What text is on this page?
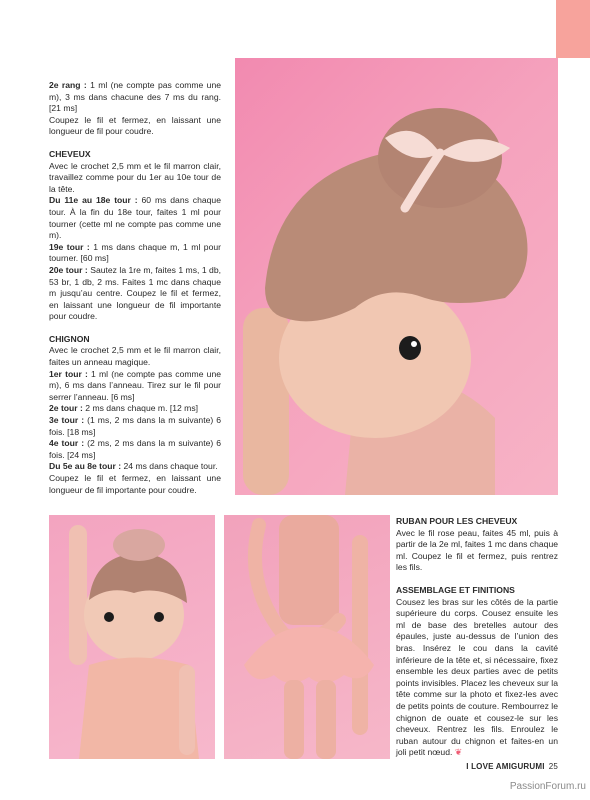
2e rang : 1 ml (ne compte pas comme une m), 3 ms dans chacune des 7 ms du rang. [21 ms]

Coupez le fil et fermez, en laissant une longueur de fil pour coudre.

CHEVEUX

Avec le crochet 2,5 mm et le fil marron clair, travaillez comme pour du 1er au 10e tour de la tête.

Du 11e au 18e tour : 60 ms dans chaque tour. À la fin du 18e tour, faites 1 ml pour tourner (cette ml ne compte pas comme une m).

19e tour : 1 ms dans chaque m, 1 ml pour tourner. [60 ms]

20e tour : Sautez la 1re m, faites 1 ms, 1 db, 53 br, 1 db, 2 ms. Faites 1 mc dans chaque m jusqu’au centre. Coupez le fil et fermez, en laissant une longueur de fil importante pour coudre.

CHIGNON

Avec le crochet 2,5 mm et le fil marron clair, faites un anneau magique.

1er tour : 1 ml (ne compte pas comme une m), 6 ms dans l’anneau. Tirez sur le fil pour serrer l’anneau. [6 ms]

2e tour : 2 ms dans chaque m. [12 ms]

3e tour : (1 ms, 2 ms dans la m suivante) 6 fois. [18 ms]

4e tour : (2 ms, 2 ms dans la m suivante) 6 fois. [24 ms]

Du 5e au 8e tour : 24 ms dans chaque tour.

Coupez le fil et fermez, en laissant une longueur de fil importante pour coudre.

RUBAN POUR LES CHEVEUX

Avec le fil rose peau, faites 45 ml, puis à partir de la 2e ml, faites 1 mc dans chaque ml. Coupez le fil et fermez, puis rentrez les fils.

ASSEMBLAGE ET FINITIONS

Cousez les bras sur les côtés de la partie supérieure du corps. Cousez ensuite les ml de base des bretelles autour des épaules, juste au-dessus de l’union des bras. Insérez le cou dans la cavité inférieure de la tête et, si nécessaire, fixez ensemble les deux parties avec de petits points invisibles. Placez les cheveux sur la tête comme sur la photo et fixez-les avec de petits points de couture. Rembourrez le chignon de ouate et cousez-le sur les cheveux. Rentrez les fils. Enroulez le ruban autour du chignon et faites-en un joli petit nœud. ❦

I LOVE AMIGURUMI 25
PassionForum.ru
